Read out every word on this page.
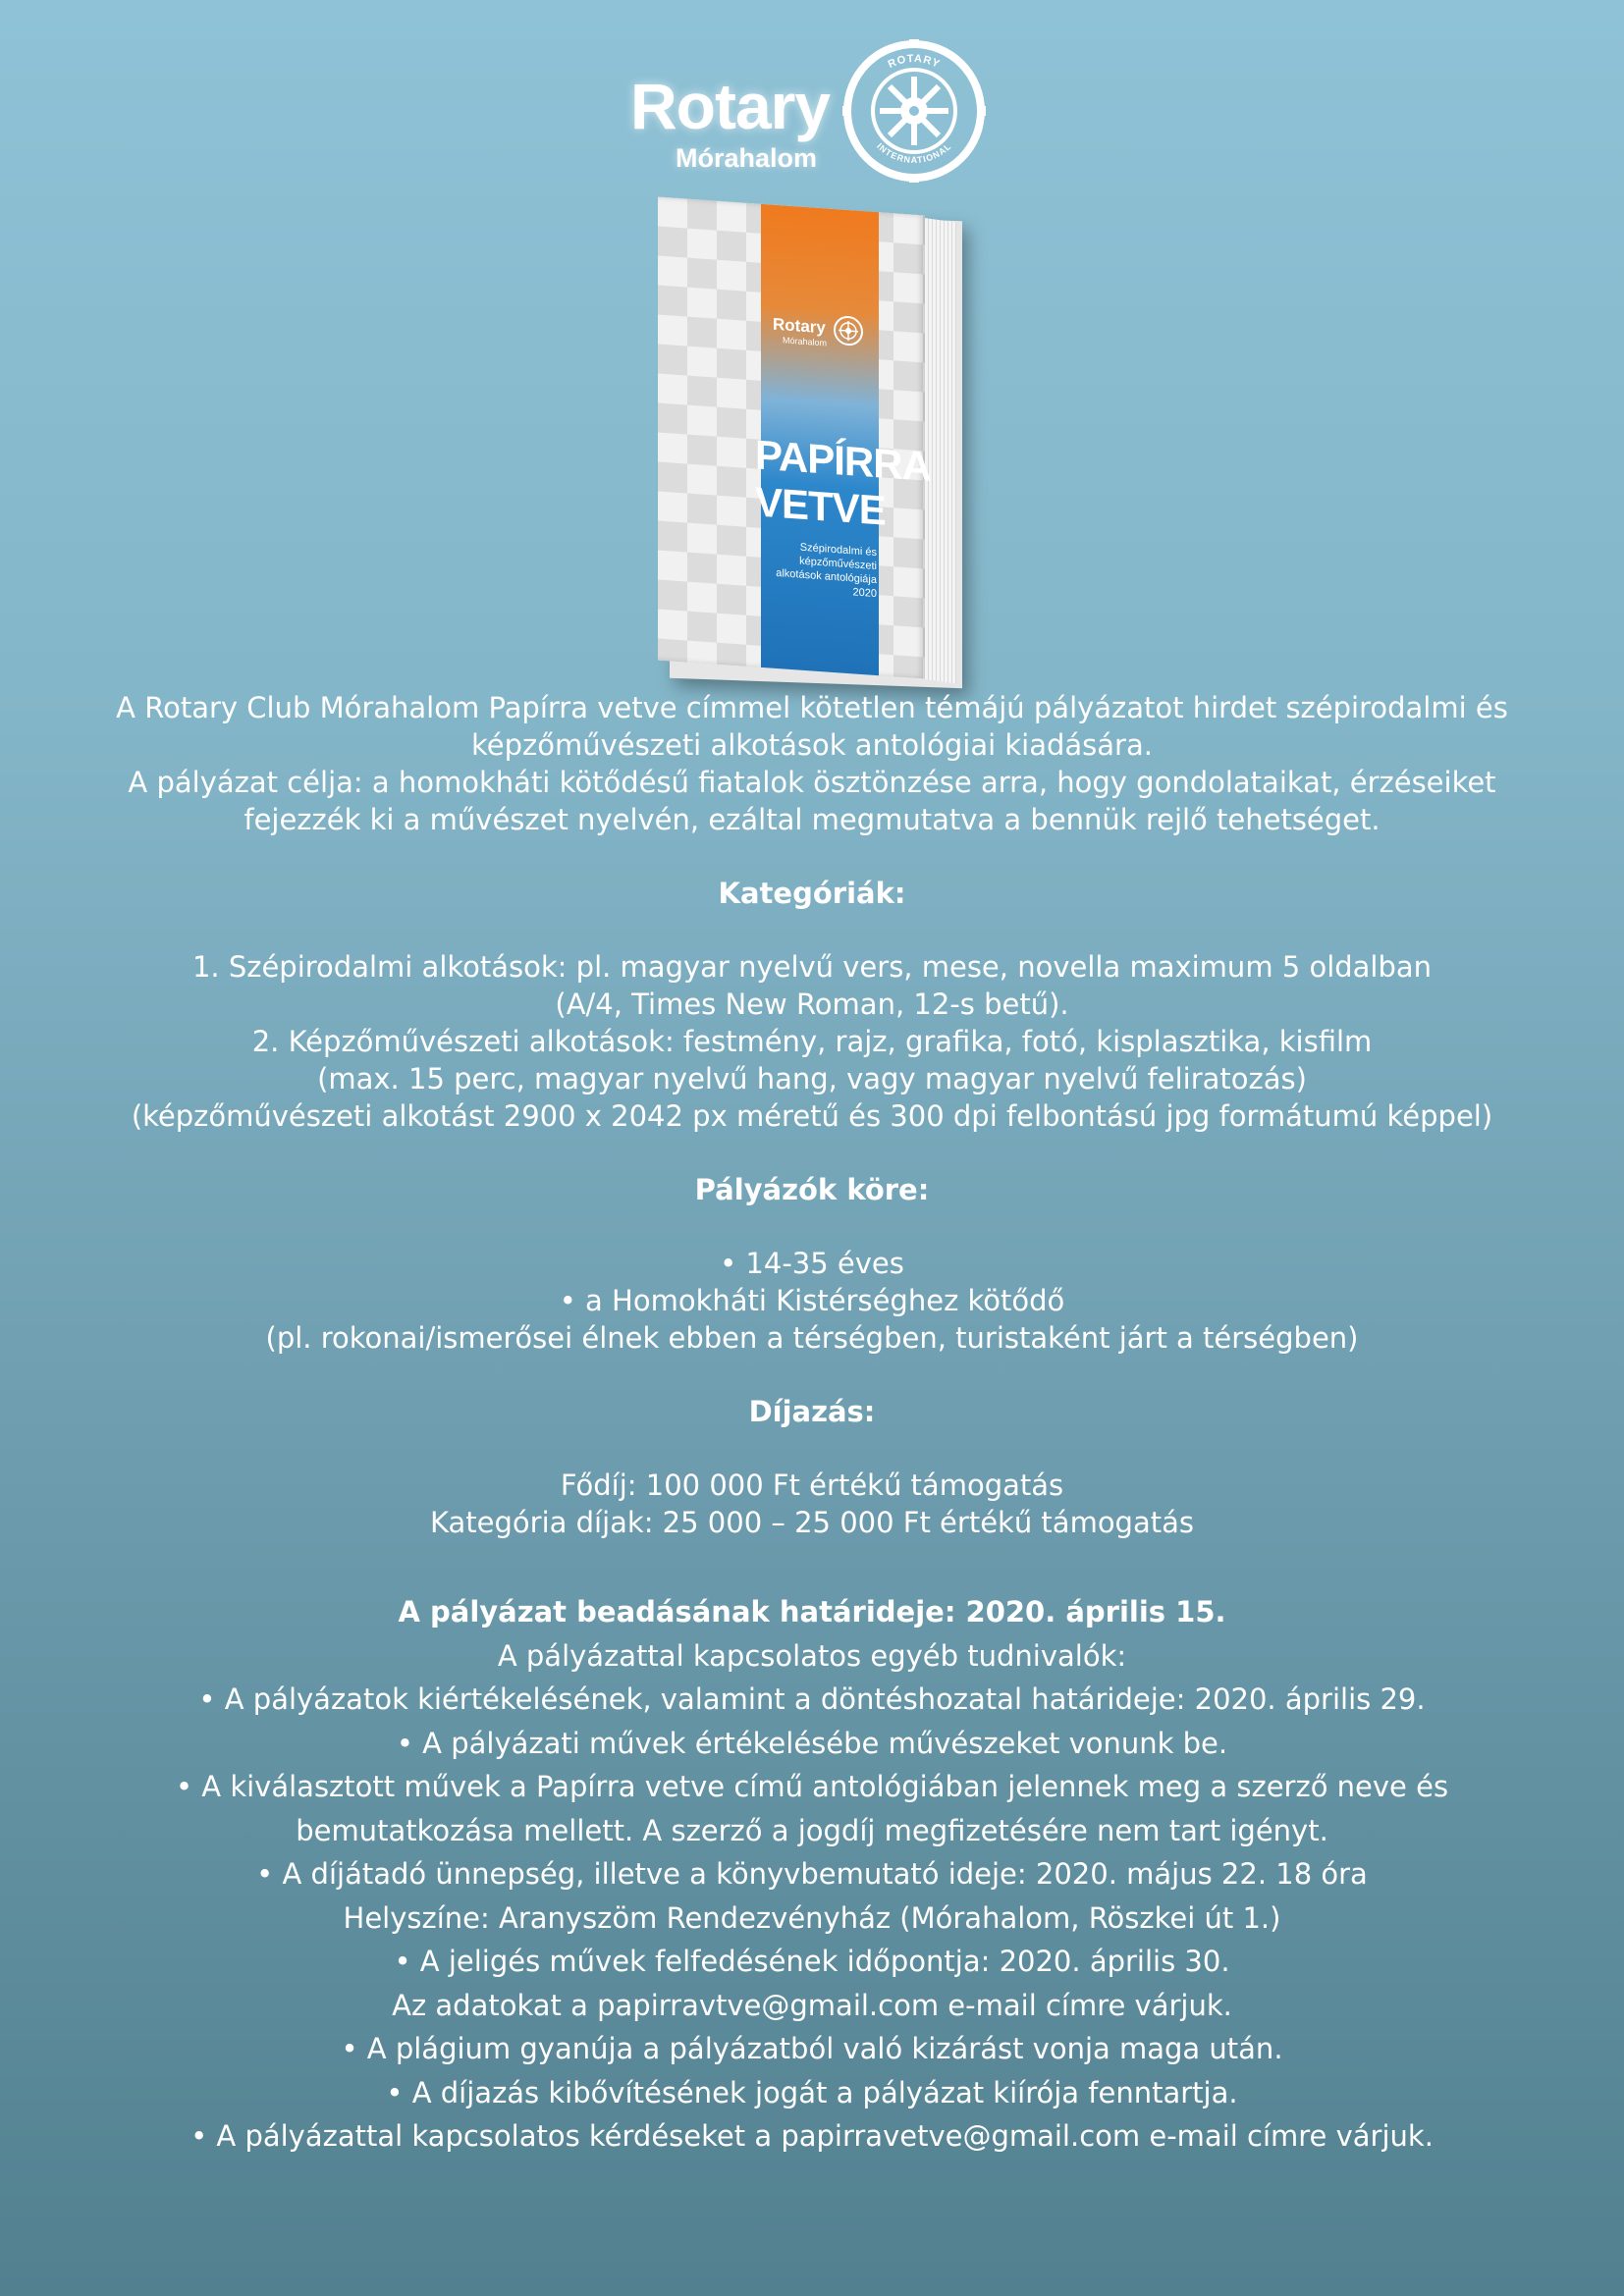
Rotary
Mórahalom
ROTARY
INTERNATIONAL
Rotary
Mórahalom
PAPÍRRA
VETVE
Szépirodalmi és
képzőművészeti
alkotások antológiája
2020

A Rotary Club Mórahalom Papírra vetve címmel kötetlen témájú pályázatot hirdet szépirodalmi és

képzőművészeti alkotások antológiai kiadására.

A pályázat célja: a homokháti kötődésű fiatalok ösztönzése arra, hogy gondolataikat, érzéseiket

fejezzék ki a művészet nyelvén, ezáltal megmutatva a bennük rejlő tehetséget.

Kategóriák:

1. Szépirodalmi alkotások: pl. magyar nyelvű vers, mese, novella maximum 5 oldalban

(A/4, Times New Roman, 12-s betű).

2. Képzőművészeti alkotások: festmény, rajz, grafika, fotó, kisplasztika, kisfilm

(max. 15 perc, magyar nyelvű hang, vagy magyar nyelvű feliratozás)

(képzőművészeti alkotást 2900 x 2042 px méretű és 300 dpi felbontású jpg formátumú képpel)

Pályázók köre:

• 14-35 éves

• a Homokháti Kistérséghez kötődő

(pl. rokonai/ismerősei élnek ebben a térségben, turistaként járt a térségben)

Díjazás:

Fődíj: 100 000 Ft értékű támogatás

Kategória díjak: 25 000 – 25 000 Ft értékű támogatás

A pályázat beadásának határideje: 2020. április 15.

A pályázattal kapcsolatos egyéb tudnivalók:

• A pályázatok kiértékelésének, valamint a döntéshozatal határideje: 2020. április 29.

• A pályázati művek értékelésébe művészeket vonunk be.

• A kiválasztott művek a Papírra vetve című antológiában jelennek meg a szerző neve és

bemutatkozása mellett. A szerző a jogdíj megfizetésére nem tart igényt.

• A díjátadó ünnepség, illetve a könyvbemutató ideje: 2020. május 22. 18 óra

Helyszíne: Aranyszöm Rendezvényház (Mórahalom, Röszkei út 1.)

• A jeligés művek felfedésének időpontja: 2020. április 30.

Az adatokat a papirravtve@gmail.com e-mail címre várjuk.

• A plágium gyanúja a pályázatból való kizárást vonja maga után.

• A díjazás kibővítésének jogát a pályázat kiírója fenntartja.

• A pályázattal kapcsolatos kérdéseket a papirravetve@gmail.com e-mail címre várjuk.
